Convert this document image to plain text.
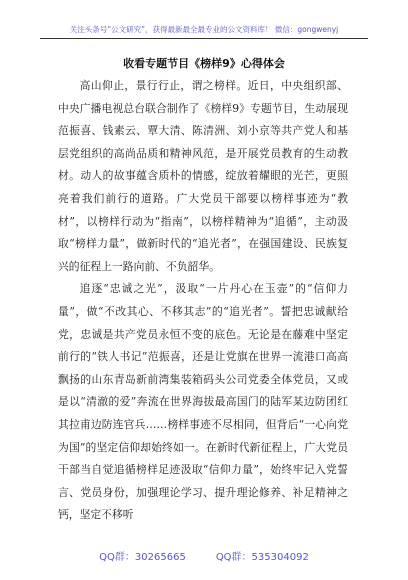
关注头条号“公文研究”，获得最新最全最专业的公文资料库！ 微信：gongwenyj
收看专题节目《榜样9》心得体会

高山仰止，景行行止，谓之榜样。近日，中央组织部、中央广播电视总台联合制作了《榜样9》专题节目，生动展现范振喜、钱素云、覃大清、陈清洲、刘小京等共产党人和基层党组织的高尚品质和精神风范，是开展党员教育的生动教材。动人的故事蕴含质朴的情感，绽放着耀眼的光芒，更照亮着我们前行的道路。广大党员干部要以榜样事迹为“教材”，以榜样行动为“指南”，以榜样精神为“追循”，主动汲取“榜样力量”，做新时代的“追光者”，在强国建设、民族复兴的征程上一路向前、不负韶华。

追逐“忠诚之光”，汲取“一片丹心在玉壶”的“信仰力量”，做“不改其心、不移其志”的“追光者”。誓把忠诚献给党，忠诚是共产党员永恒不变的底色。无论是在藤难中坚定前行的“铁人书记”范振喜，还是让党旗在世界一流港口高高飘扬的山东青岛新前湾集装箱码头公司党委全体党员，又或是以“清澈的爱”奔流在世界海拔最高国门的陆军某边防团红其拉甫边防连官兵……榜样事迹不尽相同，但背后“一心向党为国”的坚定信仰却始终如一。在新时代新征程上，广大党员干部当自觉追循榜样足迹汲取“信仰力量”，始终牢记入党誓言、党员身份，加强理论学习、提升理论修养、补足精神之钙，坚定不移听

QQ群：30265665	QQ群：535304092
